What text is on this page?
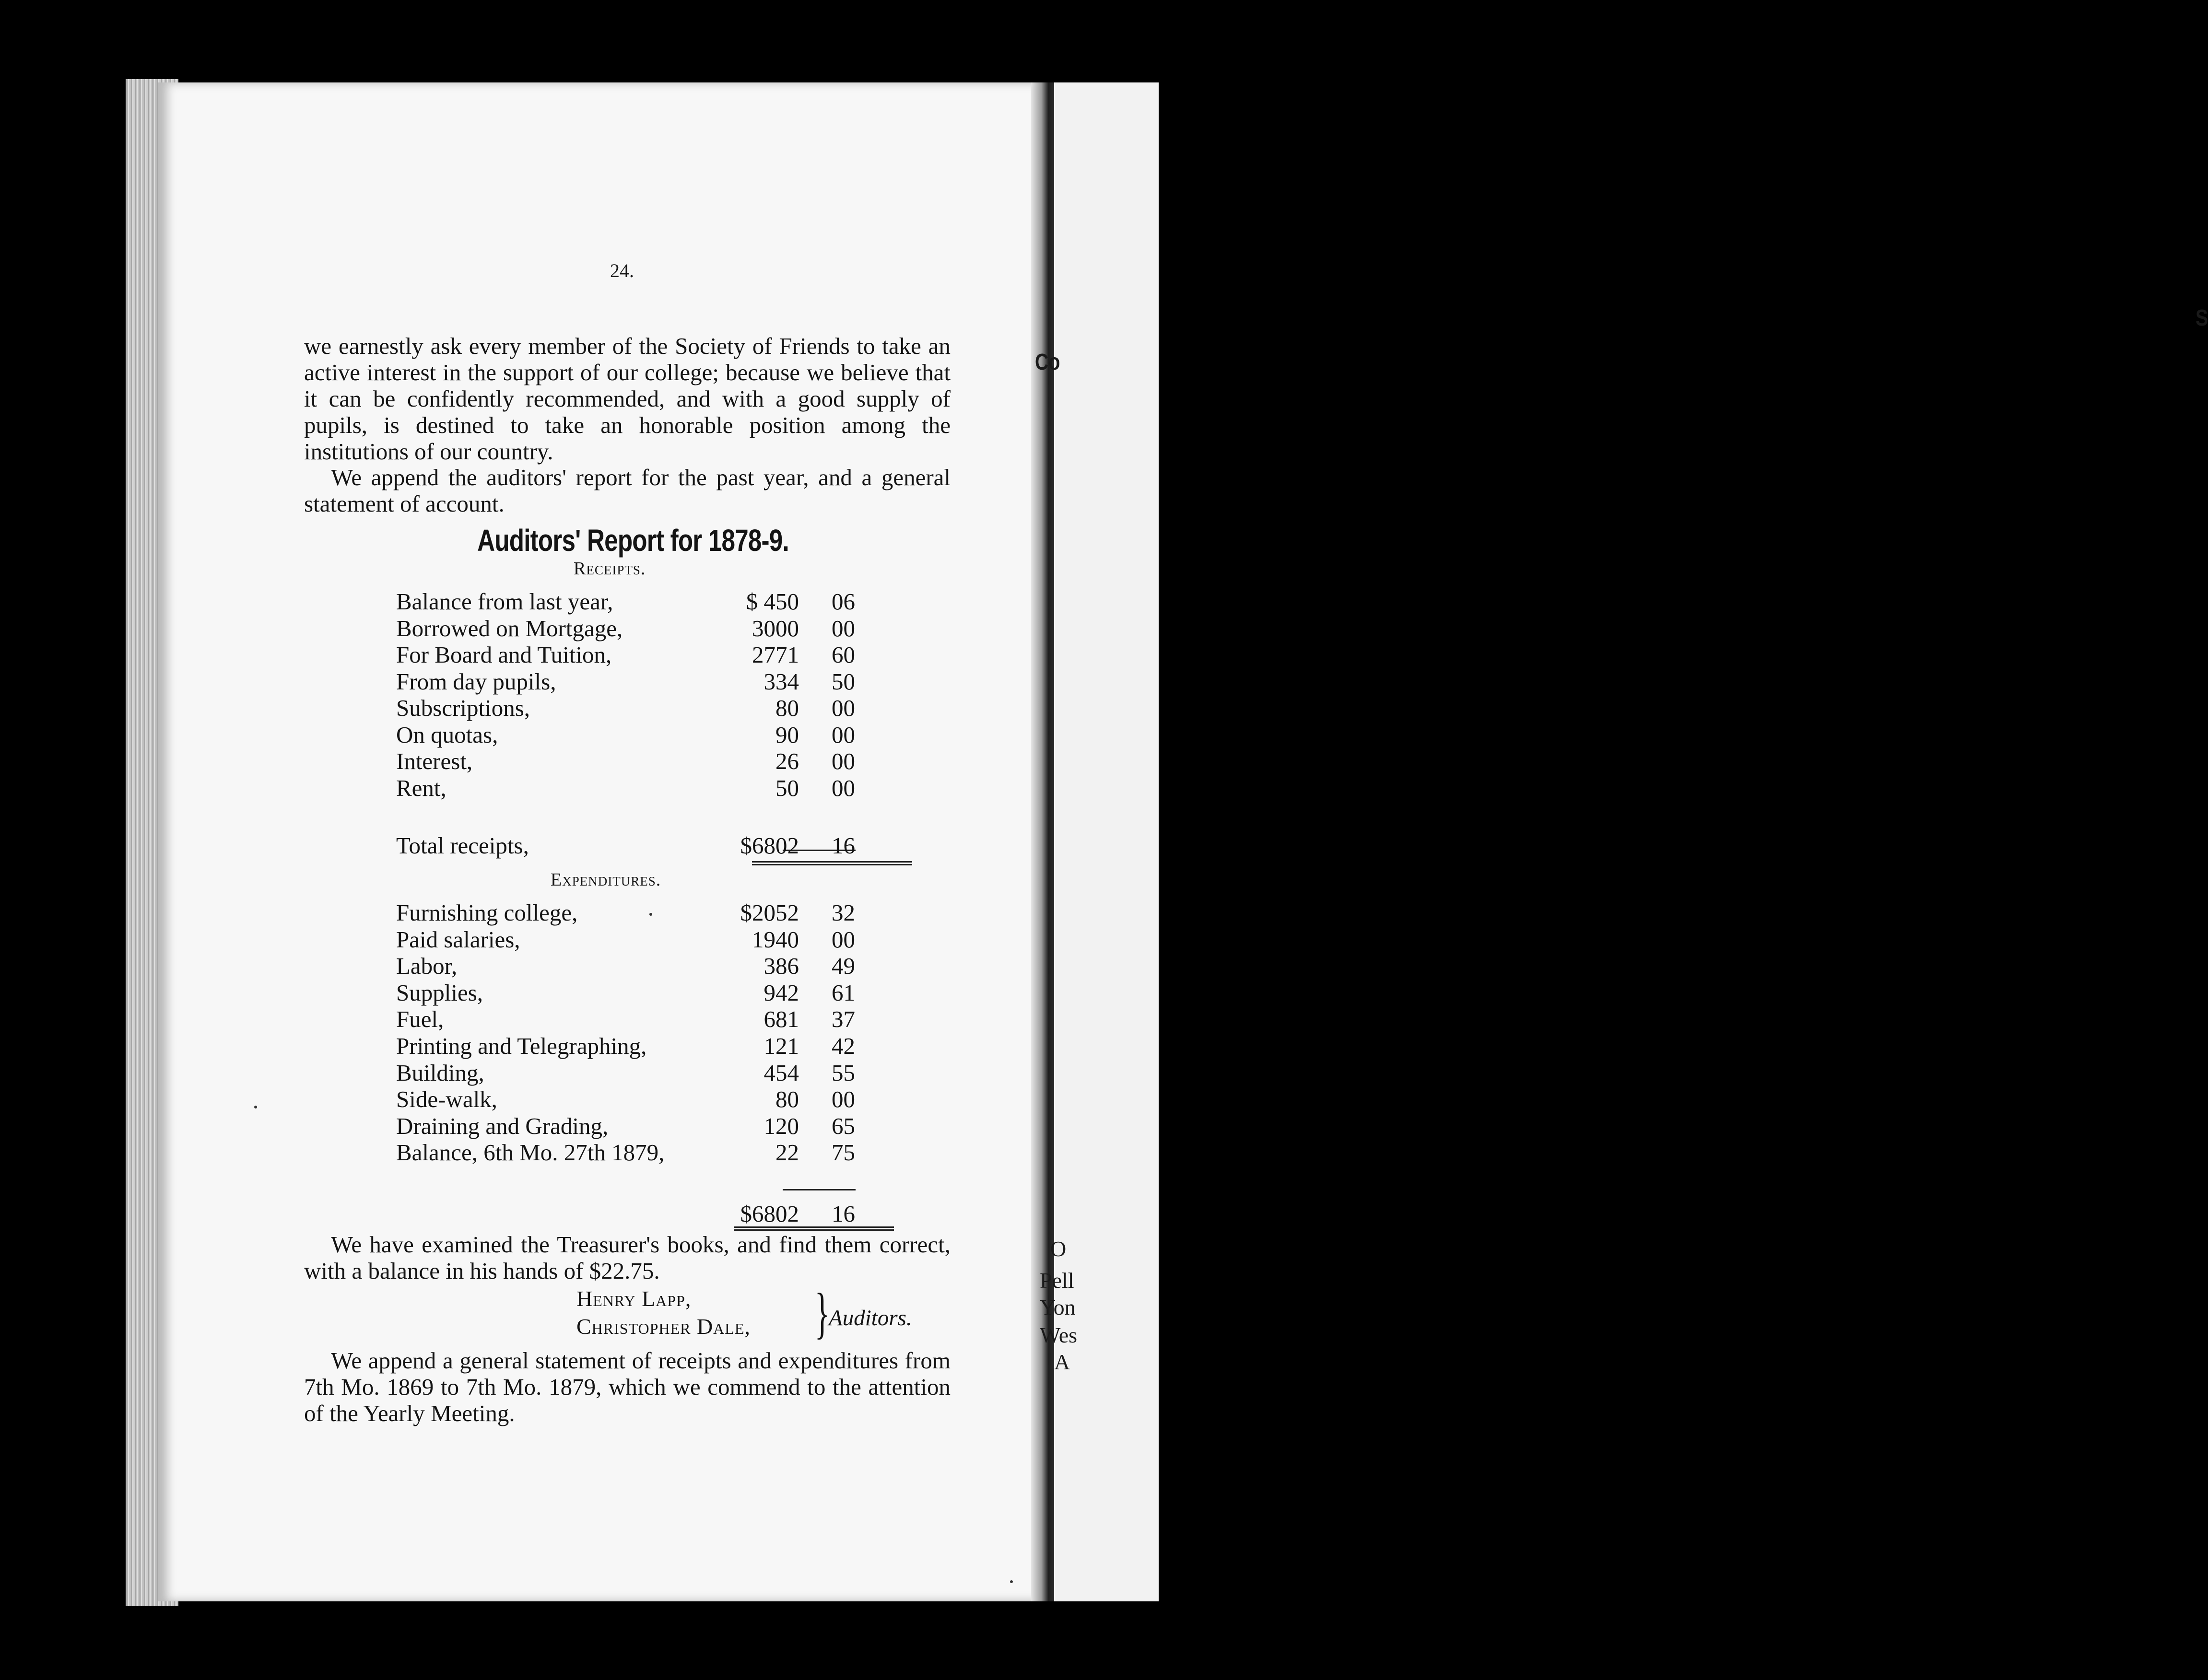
S
Co
O
Pell
Yon
Wes
A
24.

we earnestly ask every member of the Society of Friends to take an active interest in the support of our college; because we believe that it can be confidently recommended, and with a good supply of pupils, is destined to take an honorable position among the institutions of our country.

We append the auditors' report for the past year, and a general statement of account.

Auditors' Report for 1878-9.
Receipts.
Balance from last year,	$ 450 06
Borrowed on Mortgage,	3000 00
For Board and Tuition,	2771 60
From day pupils,	334 50
Subscriptions,	80 00
On quotas,	90 00
Interest,	26 00
Rent,	50 00
Total receipts,	$6802 16
Expenditures.
Furnishing college,	$2052 32
Paid salaries,	1940 00
Labor,	386 49
Supplies,	942 61
Fuel,	681 37
Printing and Telegraphing,	121 42
Building,	454 55
Side-walk,	80 00
Draining and Grading,	120 65
Balance, 6th Mo. 27th 1879,	22 75
$6802 16

We have examined the Treasurer's books, and find them correct, with a balance in his hands of $22.75.

Henry Lapp,
Christopher Dale, }
Auditors.

We append a general statement of receipts and expenditures from 7th Mo. 1869 to 7th Mo. 1879, which we commend to the attention of the Yearly Meeting.
